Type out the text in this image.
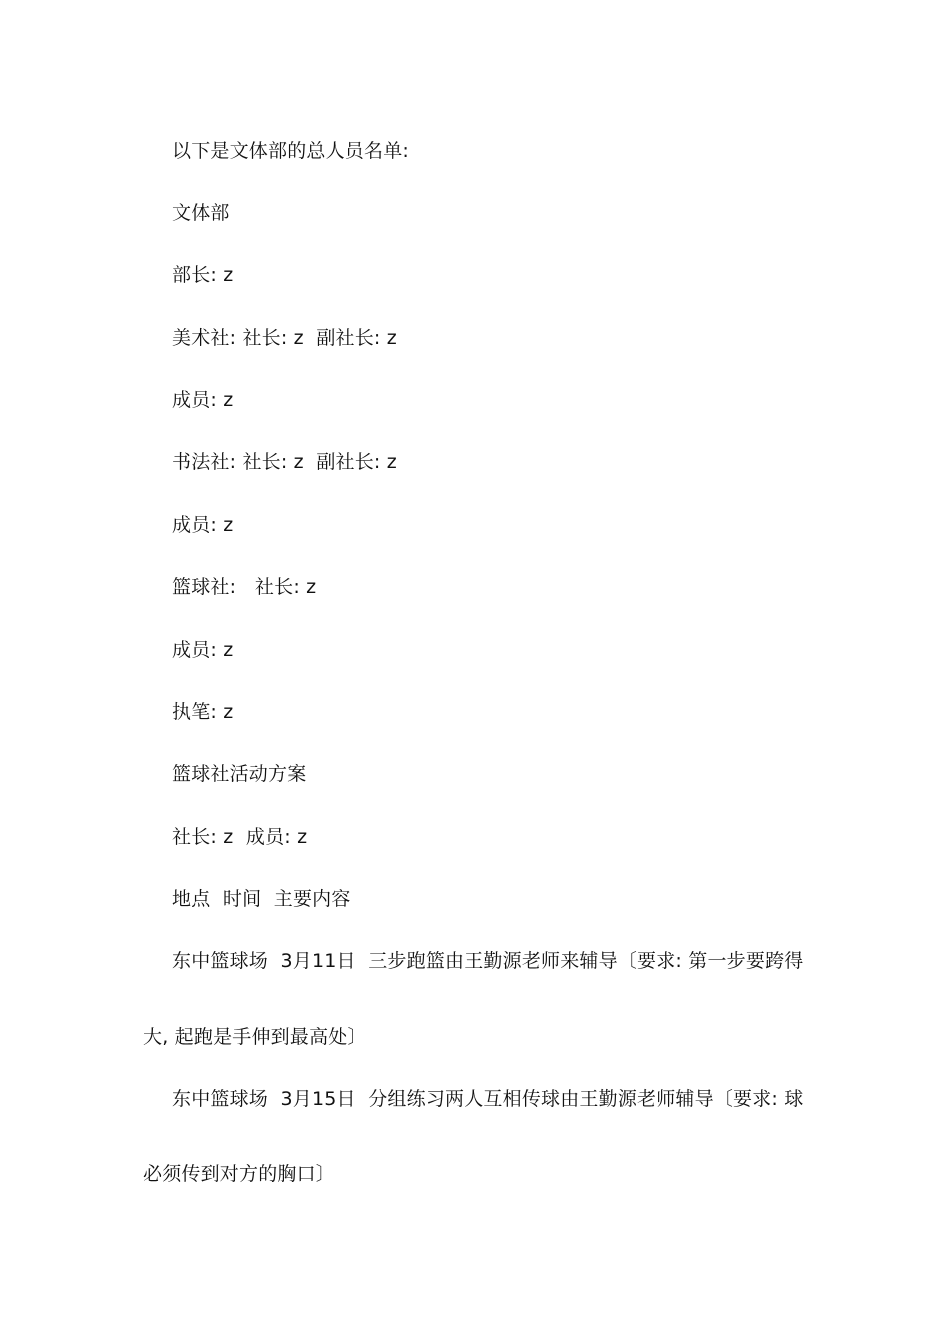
以下是文体部的总人员名单:
文体部
部长: z
美术社: 社长: z  副社长: z
成员: z
书法社: 社长: z  副社长: z
成员: z
篮球社:   社长: z
成员: z
执笔: z
篮球社活动方案
社长: z  成员: z
地点  时间  主要内容
东中篮球场  3月11日  三步跑篮由王勤源老师来辅导〔要求: 第一步要跨得
大, 起跑是手伸到最高处〕
东中篮球场  3月15日  分组练习两人互相传球由王勤源老师辅导〔要求: 球
必须传到对方的胸口〕
